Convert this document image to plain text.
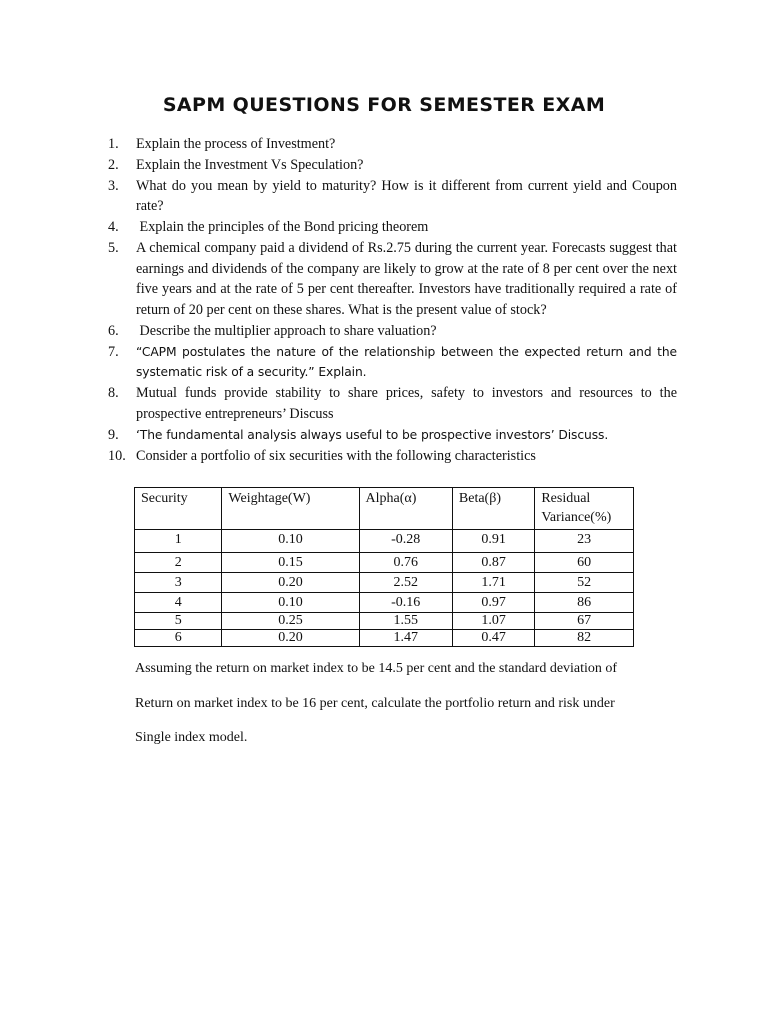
SAPM QUESTIONS FOR SEMESTER EXAM
1.	Explain the process of Investment?
2.	Explain the Investment Vs Speculation?
3.	What do you mean by yield to maturity? How is it different from current yield and Coupon rate?
4.	Explain the principles of the Bond pricing theorem
5.	A chemical company paid a dividend of Rs.2.75 during the current year. Forecasts suggest that earnings and dividends of the company are likely to grow at the rate of 8 per cent over the next five years and at the rate of 5 per cent thereafter. Investors have traditionally required a rate of return of 20 per cent on these shares. What is the present value of stock?
6.	Describe the multiplier approach to share valuation?
7.	“CAPM postulates the nature of the relationship between the expected return and the systematic risk of a security.” Explain.
8.	Mutual funds provide stability to share prices, safety to investors and resources to the prospective entrepreneurs’ Discuss
9.	‘The fundamental analysis always useful to be prospective investors’ Discuss.
10. Consider a portfolio of six securities with the following characteristics
Security	Weightage(W)	Alpha(α)	Beta(β)	Residual Variance(%)
1	0.10	-0.28	0.91	23
2	0.15	0.76	0.87	60
3	0.20	2.52	1.71	52
4	0.10	-0.16	0.97	86
5	0.25	1.55	1.07	67
6	0.20	1.47	0.47	82

Assuming the return on market index to be 14.5 per cent and the standard deviation of

Return on market index to be 16 per cent, calculate the portfolio return and risk under

Single index model.
